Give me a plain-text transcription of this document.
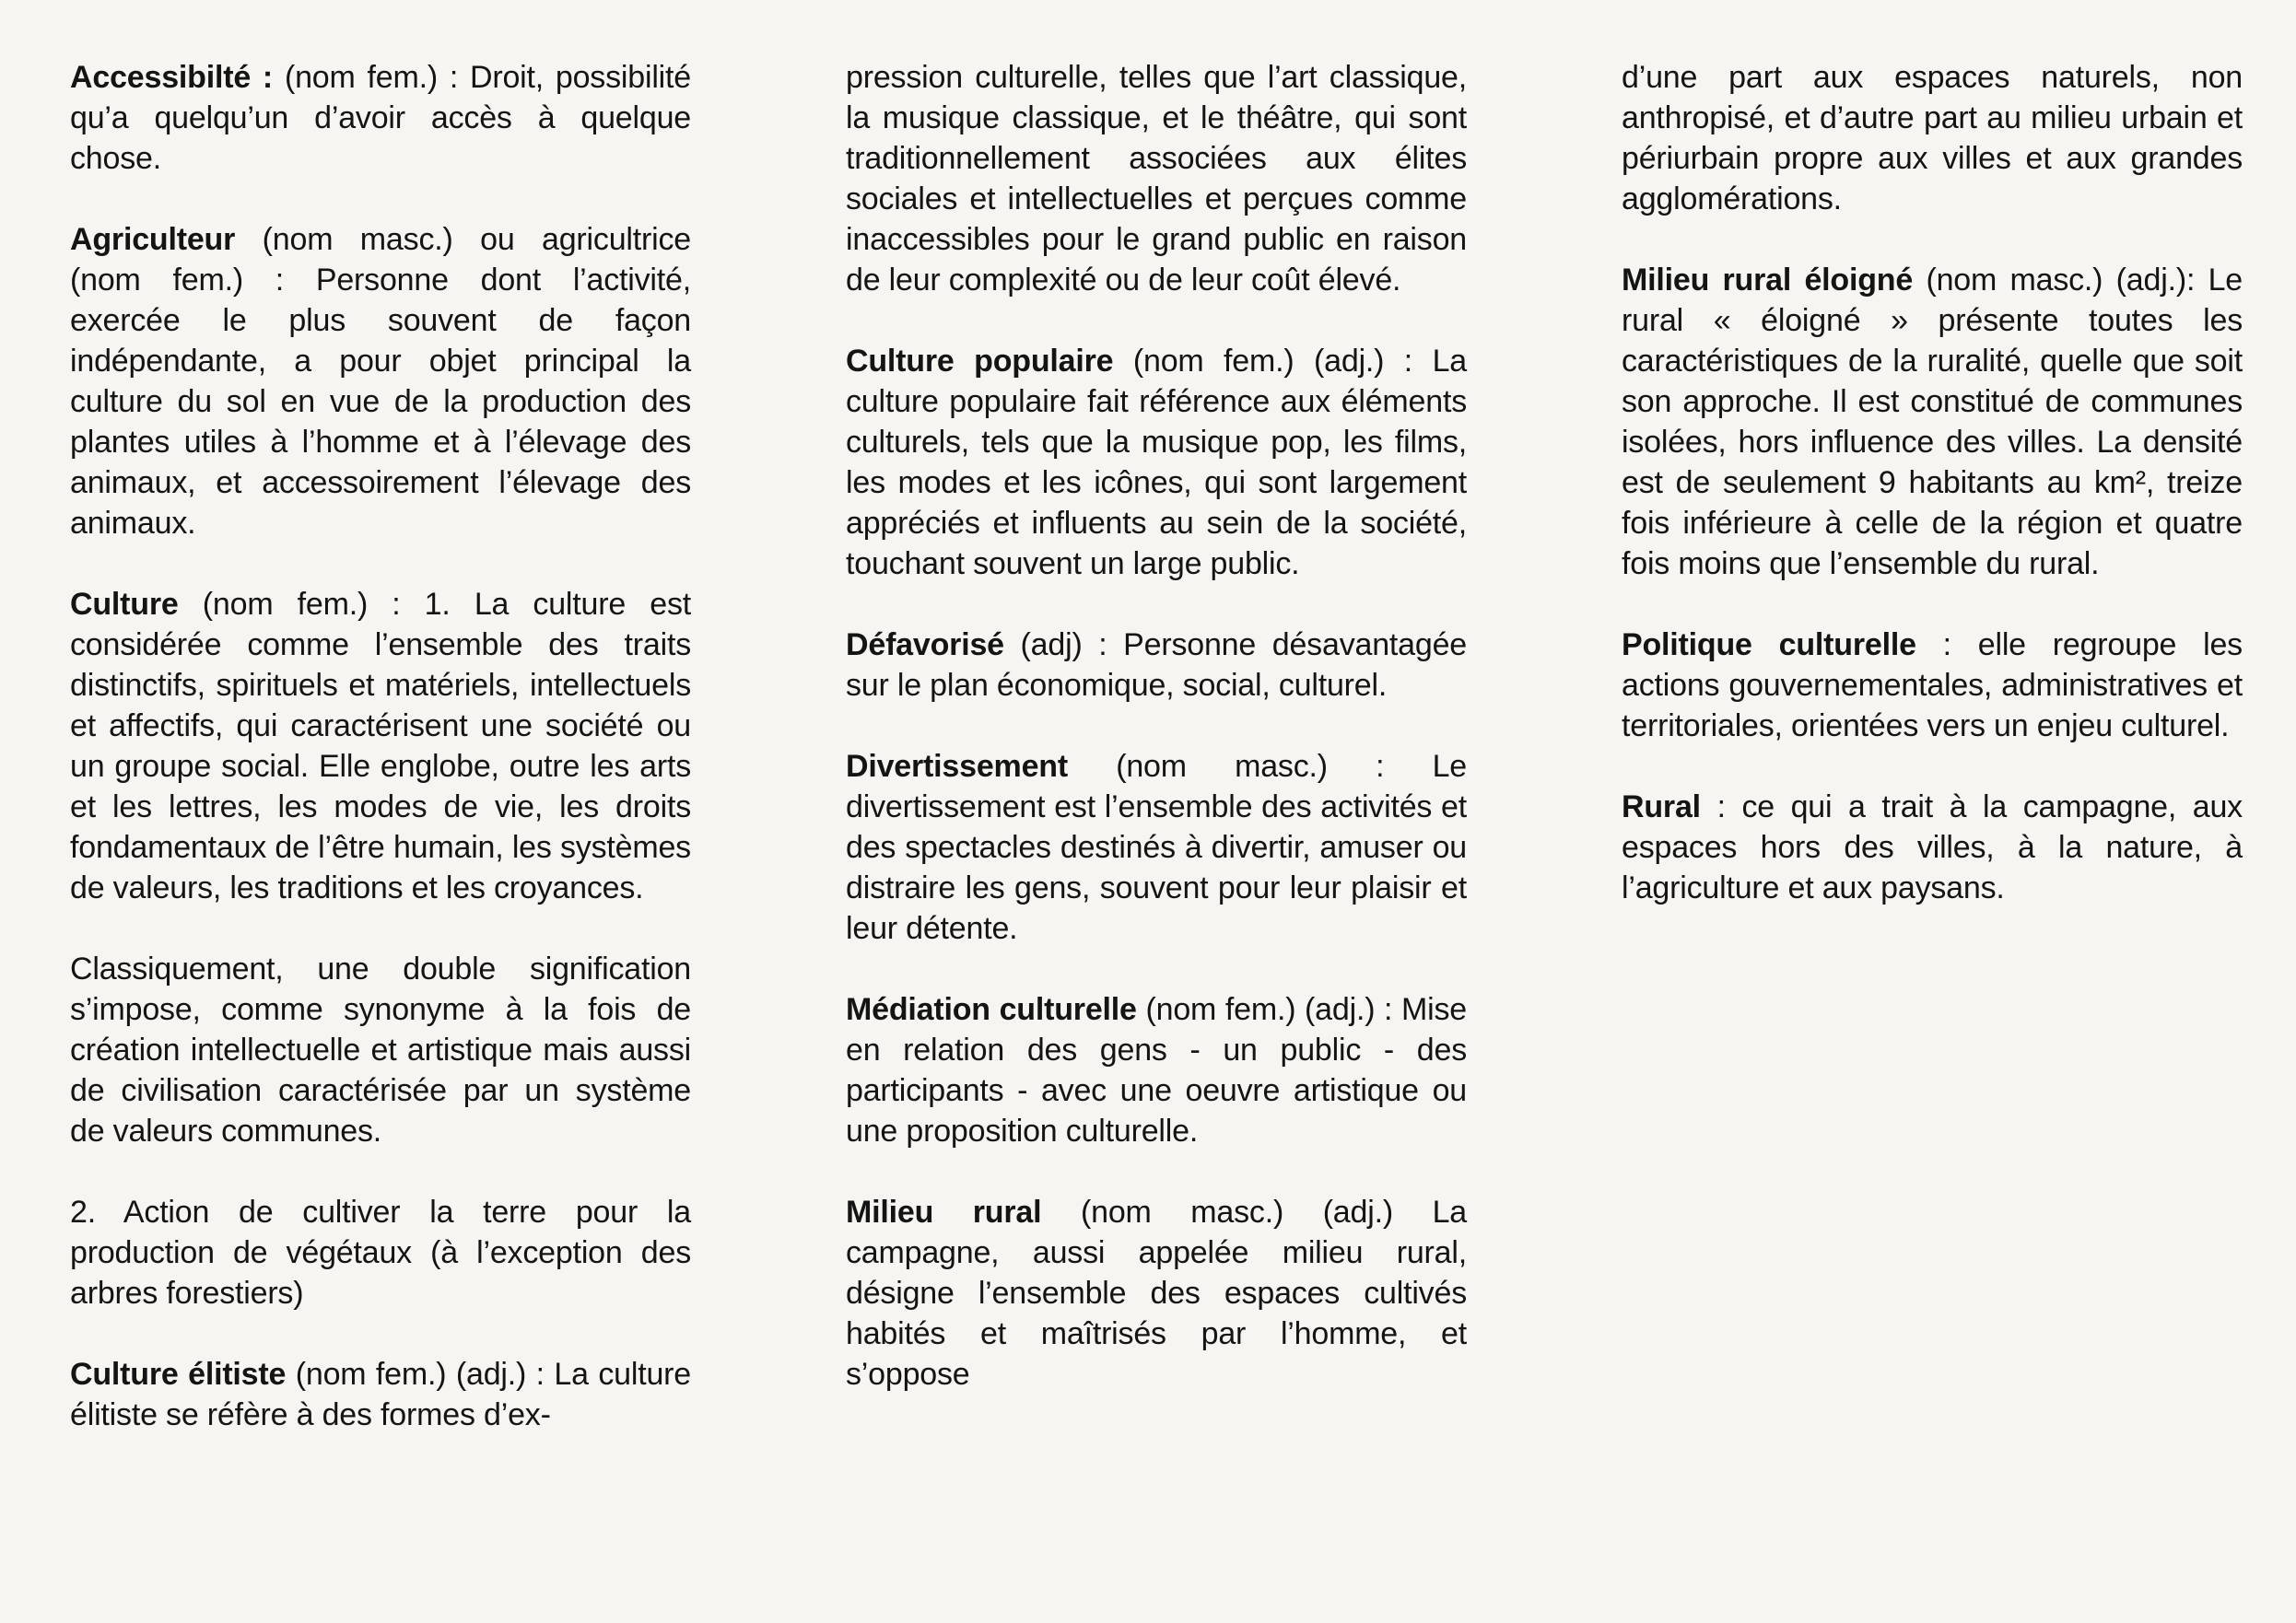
Accessibilté : (nom fem.) : Droit, possibilité qu’a quelqu’un d’avoir accès à quelque chose.

Agriculteur (nom masc.) ou agricultrice (nom fem.) : Personne dont l’activité, exercée le plus souvent de façon indépendante, a pour objet principal la culture du sol en vue de la production des plantes utiles à l’homme et à l’élevage des animaux, et accessoirement l’élevage des animaux.

Culture (nom fem.) : 1. La culture est considérée comme l’ensemble des traits distinctifs, spirituels et matériels, intellectuels et affectifs, qui caractérisent une société ou un groupe social. Elle englobe, outre les arts et les lettres, les modes de vie, les droits fondamentaux de l’être humain, les systèmes de valeurs, les traditions et les croyances.

Classiquement, une double signification s’impose, comme synonyme à la fois de création intellectuelle et artistique mais aussi de civilisation caractérisée par un système de valeurs communes.

2. Action de cultiver la terre pour la production de végétaux (à l’exception des arbres forestiers)

Culture élitiste (nom fem.) (adj.) : La culture élitiste se réfère à des formes d’ex-

pression culturelle, telles que l’art classique, la musique classique, et le théâtre, qui sont traditionnellement associées aux élites sociales et intellectuelles et perçues comme inaccessibles pour le grand public en raison de leur complexité ou de leur coût élevé.

Culture populaire (nom fem.) (adj.) : La culture populaire fait référence aux éléments culturels, tels que la musique pop, les films, les modes et les icônes, qui sont largement appréciés et influents au sein de la société, touchant souvent un large public.

Défavorisé (adj) : Personne désavantagée sur le plan économique, social, culturel.

Divertissement (nom masc.) : Le divertissement est l’ensemble des activités et des spectacles destinés à divertir, amuser ou distraire les gens, souvent pour leur plaisir et leur détente.

Médiation culturelle (nom fem.) (adj.) : Mise en relation des gens - un public - des participants - avec une oeuvre artistique ou une proposition culturelle.

Milieu rural (nom masc.) (adj.) La campagne, aussi appelée milieu rural, désigne l’ensemble des espaces cultivés habités et maîtrisés par l’homme, et s’oppose

d’une part aux espaces naturels, non anthropisé, et d’autre part au milieu urbain et périurbain propre aux villes et aux grandes agglomérations.

Milieu rural éloigné (nom masc.) (adj.): Le rural « éloigné » présente toutes les caractéristiques de la ruralité, quelle que soit son approche. Il est constitué de communes isolées, hors influence des villes. La densité est de seulement 9 habitants au km², treize fois inférieure à celle de la région et quatre fois moins que l’ensemble du rural.

Politique culturelle : elle regroupe les actions gouvernementales, administratives et territoriales, orientées vers un enjeu culturel.

Rural : ce qui a trait à la campagne, aux espaces hors des villes, à la nature, à l’agriculture et aux paysans.
